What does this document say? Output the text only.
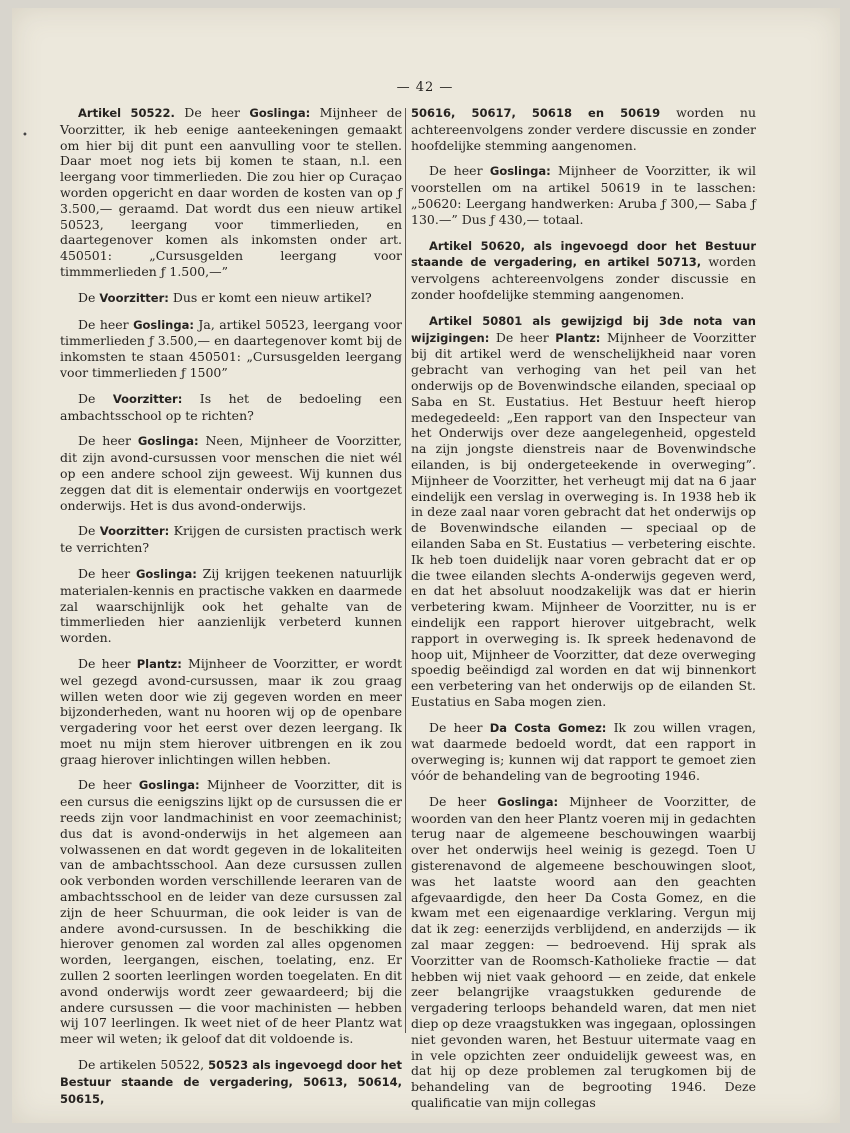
•
— 42 —

Artikel 50522. De heer Goslinga: Mijnheer de Voorzitter, ik heb eenige aanteekeningen gemaakt om hier bij dit punt een aanvulling voor te stellen. Daar moet nog iets bij komen te staan, n.l. een leergang voor timmerlieden. Die zou hier op Curaçao worden opgericht en daar worden de kosten van op ƒ 3.500,— geraamd. Dat wordt dus een nieuw artikel 50523, leergang voor timmerlieden, en daartegenover komen als inkomsten onder art. 450501: „Cursusgelden leergang voor timmmerlieden ƒ 1.500,—”

De Voorzitter: Dus er komt een nieuw artikel?

De heer Goslinga: Ja, artikel 50523, leergang voor timmerlieden ƒ 3.500,— en daartegenover komt bij de inkomsten te staan 450501: „Cursusgelden leergang voor timmerlieden ƒ 1500”

De Voorzitter: Is het de bedoeling een ambachtsschool op te richten?

De heer Goslinga: Neen, Mijnheer de Voorzitter, dit zijn avond-cursussen voor menschen die niet wél op een andere school zijn geweest. Wij kunnen dus zeggen dat dit is elementair onderwijs en voortgezet onderwijs. Het is dus avond-onderwijs.

De Voorzitter: Krijgen de cursisten practisch werk te verrichten?

De heer Goslinga: Zij krijgen teekenen natuurlijk materialen-kennis en practische vakken en daarmede zal waarschijnlijk ook het gehalte van de timmerlieden hier aanzienlijk verbeterd kunnen worden.

De heer Plantz: Mijnheer de Voorzitter, er wordt wel gezegd avond-cursussen, maar ik zou graag willen weten door wie zij gegeven worden en meer bijzonderheden, want nu hooren wij op de openbare vergadering voor het eerst over dezen leergang. Ik moet nu mijn stem hierover uitbrengen en ik zou graag hierover inlichtingen willen hebben.

De heer Goslinga: Mijnheer de Voorzitter, dit is een cursus die eenigszins lijkt op de cursussen die er reeds zijn voor landmachinist en voor zeemachinist; dus dat is avond-onderwijs in het algemeen aan volwassenen en dat wordt gegeven in de lokaliteiten van de ambachtsschool. Aan deze cursussen zullen ook verbonden worden verschillende leeraren van de ambachtsschool en de leider van deze cursussen zal zijn de heer Schuurman, die ook leider is van de andere avond-cursussen. In de beschikking die hierover genomen zal worden zal alles opgenomen worden, leergangen, eischen, toelating, enz. Er zullen 2 soorten leerlingen worden toegelaten. En dit avond onderwijs wordt zeer gewaardeerd; bij die andere cursussen — die voor machinisten — hebben wij 107 leerlingen. Ik weet niet of de heer Plantz wat meer wil weten; ik geloof dat dit voldoende is.

De artikelen 50522, 50523 als ingevoegd door het Bestuur staande de vergadering, 50613, 50614, 50615,

50616, 50617, 50618 en 50619 worden nu achtereenvolgens zonder verdere discussie en zonder hoofdelijke stemming aangenomen.

De heer Goslinga: Mijnheer de Voorzitter, ik wil voorstellen om na artikel 50619 in te lasschen: „50620: Leergang handwerken: Aruba ƒ 300,— Saba ƒ 130.—” Dus ƒ 430,— totaal.

Artikel 50620, als ingevoegd door het Bestuur staande de vergadering, en artikel 50713, worden vervolgens achtereenvolgens zonder discussie en zonder hoofdelijke stemming aangenomen.

Artikel 50801 als gewijzigd bij 3de nota van wijzigingen: De heer Plantz: Mijnheer de Voorzitter bij dit artikel werd de wenschelijkheid naar voren gebracht van verhoging van het peil van het onderwijs op de Bovenwindsche eilanden, speciaal op Saba en St. Eustatius. Het Bestuur heeft hierop medegedeeld: „Een rapport van den Inspecteur van het Onderwijs over deze aangelegenheid, opgesteld na zijn jongste dienstreis naar de Bovenwindsche eilanden, is bij ondergeteekende in overweging”. Mijnheer de Voorzitter, het verheugt mij dat na 6 jaar eindelijk een verslag in overweging is. In 1938 heb ik in deze zaal naar voren gebracht dat het onderwijs op de Bovenwindsche eilanden — speciaal op de eilanden Saba en St. Eustatius — verbetering eischte. Ik heb toen duidelijk naar voren gebracht dat er op die twee eilanden slechts A-onderwijs gegeven werd, en dat het absoluut noodzakelijk was dat er hierin verbetering kwam. Mijnheer de Voorzitter, nu is er eindelijk een rapport hierover uitgebracht, welk rapport in overweging is. Ik spreek hedenavond de hoop uit, Mijnheer de Voorzitter, dat deze overweging spoedig beëindigd zal worden en dat wij binnenkort een verbetering van het onderwijs op de eilanden St. Eustatius en Saba mogen zien.

De heer Da Costa Gomez: Ik zou willen vragen, wat daarmede bedoeld wordt, dat een rapport in overweging is; kunnen wij dat rapport te gemoet zien vóór de behandeling van de begrooting 1946.

De heer Goslinga: Mijnheer de Voorzitter, de woorden van den heer Plantz voeren mij in gedachten terug naar de algemeene beschouwingen waarbij over het onderwijs heel weinig is gezegd. Toen U gisterenavond de algemeene beschouwingen sloot, was het laatste woord aan den geachten afgevaardigde, den heer Da Costa Gomez, en die kwam met een eigenaardige verklaring. Vergun mij dat ik zeg: eenerzijds verblijdend, en anderzijds — ik zal maar zeggen: — bedroevend. Hij sprak als Voorzitter van de Roomsch-Katholieke fractie — dat hebben wij niet vaak gehoord — en zeide, dat enkele zeer belangrijke vraagstukken gedurende de vergadering terloops behandeld waren, dat men niet diep op deze vraagstukken was ingegaan, oplossingen niet gevonden waren, het Bestuur uitermate vaag en in vele opzichten zeer onduidelijk geweest was, en dat hij op deze problemen zal terugkomen bij de behandeling van de begrooting 1946. Deze qualificatie van mijn collegas
